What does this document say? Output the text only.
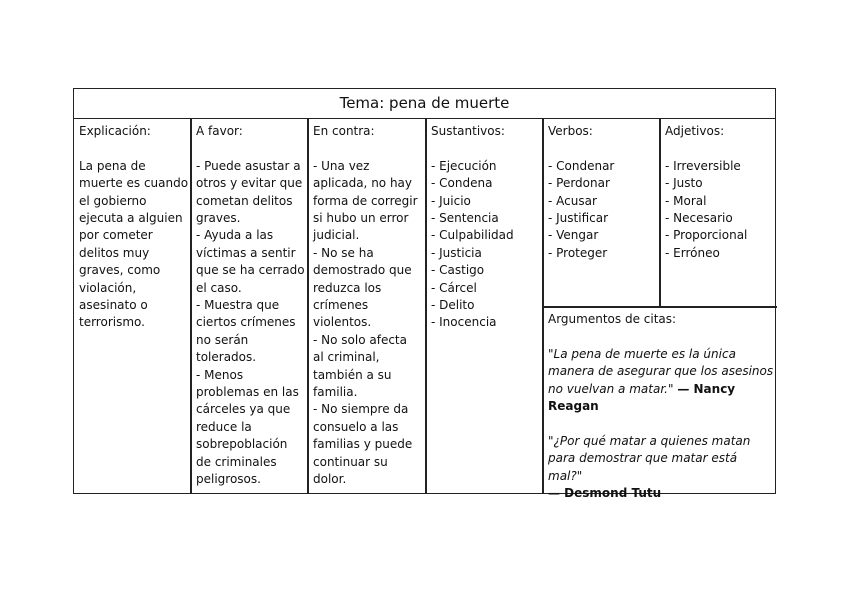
Tema: pena de muerte
Explicación:
La pena de
muerte es cuando
el gobierno
ejecuta a alguien
por cometer
delitos muy
graves, como
violación,
asesinato o
terrorismo.
A favor:
- Puede asustar a
otros y evitar que
cometan delitos
graves.
- Ayuda a las
víctimas a sentir
que se ha cerrado
el caso.
- Muestra que
ciertos crímenes
no serán
tolerados.
- Menos
problemas en las
cárceles ya que
reduce la
sobrepoblación
de criminales
peligrosos.
En contra:
- Una vez
aplicada, no hay
forma de corregir
si hubo un error
judicial.
- No se ha
demostrado que
reduzca los
crímenes
violentos.
- No solo afecta
al criminal,
también a su
familia.
- No siempre da
consuelo a las
familias y puede
continuar su
dolor.
Sustantivos:
- Ejecución
- Condena
- Juicio
- Sentencia
- Culpabilidad
- Justicia
- Castigo
- Cárcel
- Delito
- Inocencia
Verbos:
- Condenar
- Perdonar
- Acusar
- Justificar
- Vengar
- Proteger
Adjetivos:
- Irreversible
- Justo
- Moral
- Necesario
- Proporcional
- Erróneo
Argumentos de citas:
"La pena de muerte es la única
manera de asegurar que los asesinos
no vuelvan a matar." — Nancy
Reagan
"¿Por qué matar a quienes matan
para demostrar que matar está mal?"
— Desmond Tutu
